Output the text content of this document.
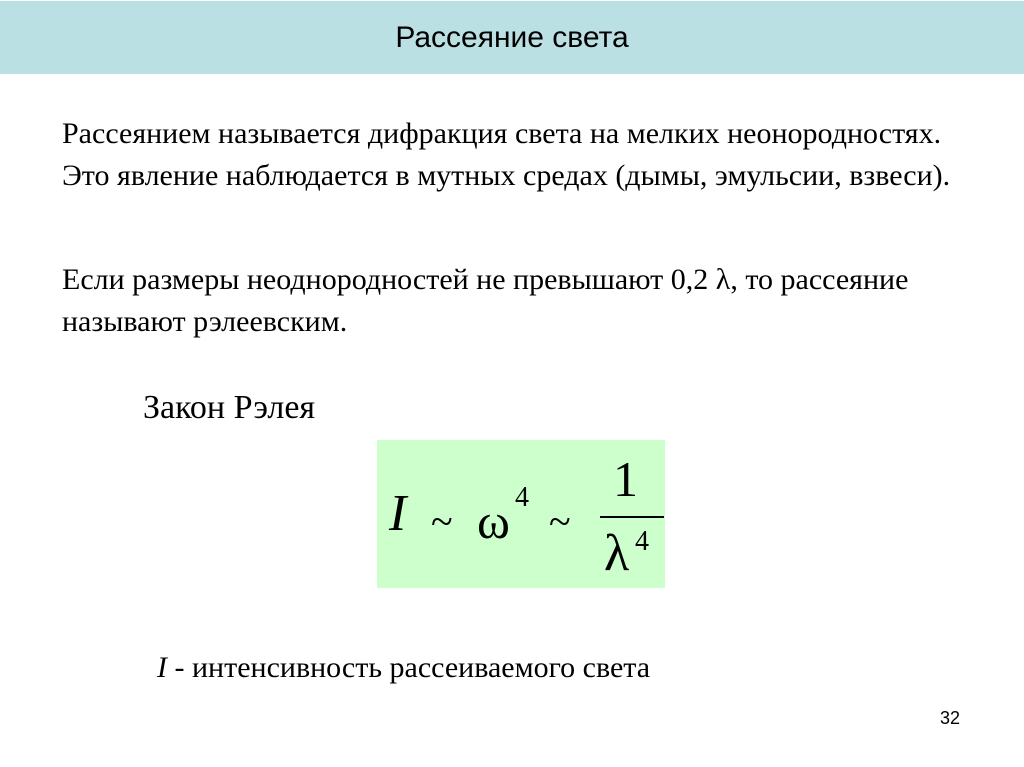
Рассеяние света

Рассеянием называется дифракция света на мелких неонородностях. Это явление наблюдается в мутных средах (дымы, эмульсии, взвеси).

Если размеры неоднородностей не превышают 0,2 λ, то рассеяние называют рэлеевским.

Закон Рэлея
I ~ ω 4
~
1
λ 4
I - интенсивность рассеиваемого света
32
